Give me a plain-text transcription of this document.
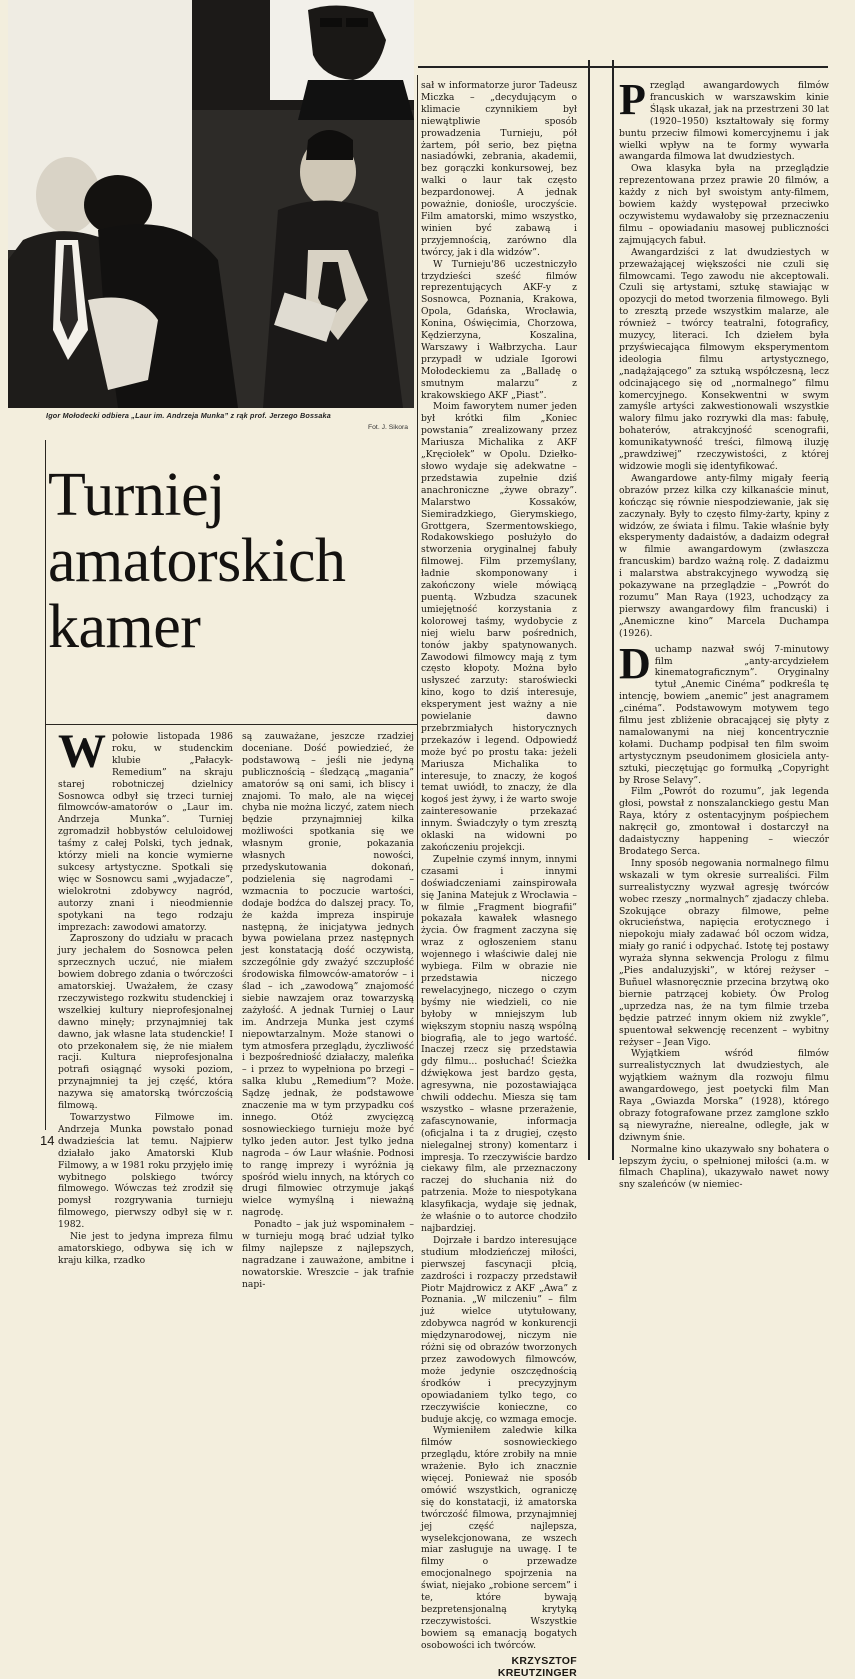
Igor Mołodecki odbiera „Laur im. Andrzeja Munka” z rąk prof. Jerzego Bossaka
Fot. J. Sikora
Turniej
amatorskich
kamer

Wpołowie listopada 1986 roku, w studenckim klubie „Pałacyk-Remedium” na skraju starej robotniczej dzielnicy Sosnowca odbył się trzeci turniej filmowców-amatorów o „Laur im. Andrzeja Munka”. Turniej zgromadził hobbystów celuloidowej taśmy z całej Polski, tych jednak, którzy mieli na koncie wymierne sukcesy artystyczne. Spotkali się więc w Sosnowcu sami „wyjadacze”, wielokrotni zdobywcy nagród, autorzy znani i nieodmiennie spotykani na tego rodzaju imprezach: zawodowi amatorzy.

Zaproszony do udziału w pracach jury jechałem do Sosnowca pełen sprzecznych uczuć, nie miałem bowiem dobrego zdania o twórczości amatorskiej. Uważałem, że czasy rzeczywistego rozkwitu studenckiej i wszelkiej kultury nieprofesjonalnej dawno minęły; przynajmniej tak dawno, jak własne lata studenckie! I oto przekonałem się, że nie miałem racji. Kultura nieprofesjonalna potrafi osiągnąć wysoki poziom, przynajmniej ta jej część, która nazywa się amatorską twórczością filmową.

Towarzystwo Filmowe im. Andrzeja Munka powstało ponad dwadzieścia lat temu. Najpierw działało jako Amatorski Klub Filmowy, a w 1981 roku przyjęło imię wybitnego polskiego twórcy filmowego. Wówczas też zrodził się pomysł rozgrywania turnieju filmowego, pierwszy odbył się w r. 1982.

Nie jest to jedyna impreza filmu amatorskiego, odbywa się ich w kraju kilka, rzadko

są zauważane, jeszcze rzadziej doceniane. Dość powiedzieć, że podstawową – jeśli nie jedyną publicznością – śledzącą „magania” amatorów są oni sami, ich bliscy i znajomi. To mało, ale na więcej chyba nie można liczyć, zatem niech będzie przynajmniej kilka możliwości spotkania się we własnym gronie, pokazania własnych nowości, przedyskutowania dokonań, podzielenia się nagrodami – wzmacnia to poczucie wartości, dodaje bodźca do dalszej pracy. To, że każda impreza inspiruje następną, że inicjatywa jednych bywa powielana przez następnych jest konstatacją dość oczywistą, szczególnie gdy zważyć szczupłość środowiska filmowców-amatorów – i ślad – ich „zawodową” znajomość siebie nawzajem oraz towarzyską zażyłość. A jednak Turniej o Laur im. Andrzeja Munka jest czymś niepowtarzalnym. Może stanowi o tym atmosfera przeglądu, życzliwość i bezpośredniość działaczy, maleńka – i przez to wypełniona po brzegi – salka klubu „Remedium”? Może. Sądzę jednak, że podstawowe znaczenie ma w tym przypadku coś innego. Otóż zwycięzcą sosnowieckiego turnieju może być tylko jeden autor. Jest tylko jedna nagroda – ów Laur właśnie. Podnosi to rangę imprezy i wyróżnia ją spośród wielu innych, na których co drugi filmowiec otrzymuje jakąś wielce wymyślną i nieważną nagrodę.

Ponadto – jak już wspominałem – w turnieju mogą brać udział tylko filmy najlepsze z najlepszych, nagradzane i zauważone, ambitne i nowatorskie. Wreszcie – jak trafnie napi-

sał w informatorze juror Tadeusz Miczka – „decydującym o klimacie czynnikiem był niewątpliwie sposób prowadzenia Turnieju, pół żartem, pół serio, bez piętna nasiadówki, zebrania, akademii, bez gorączki konkursowej, bez walki o laur tak często bezpardonowej. A jednak poważnie, doniośle, uroczyście. Film amatorski, mimo wszystko, winien być zabawą i przyjemnością, zarówno dla twórcy, jak i dla widzów”.

W Turnieju'86 uczestniczyło trzydzieści sześć filmów reprezentujących AKF-y z Sosnowca, Poznania, Krakowa, Opola, Gdańska, Wrocławia, Konina, Oświęcimia, Chorzowa, Kędzierzyna, Koszalina, Warszawy i Wałbrzycha. Laur przypadł w udziale Igorowi Mołodeckiemu za „Balladę o smutnym malarzu” z krakowskiego AKF „Piast”.

Moim faworytem numer jeden był krótki film „Koniec powstania” zrealizowany przez Mariusza Michalika z AKF „Kręciołek” w Opolu. Dziełko-słowo wydaje się adekwatne – przedstawia zupełnie dziś anachroniczne „żywe obrazy”. Malarstwo Kossaków, Siemiradzkiego, Gierymskiego, Grottgera, Szermentowskiego, Rodakowskiego posłużyło do stworzenia oryginalnej fabuły filmowej. Film przemyślany, ładnie skomponowany i zakończony wiele mówiącą puentą. Wzbudza szacunek umiejętność korzystania z kolorowej taśmy, wydobycie z niej wielu barw pośrednich, tonów jakby spatynowanych. Zawodowi filmowcy mają z tym często kłopoty. Można było usłyszeć zarzuty: staroświecki kino, kogo to dziś interesuje, eksperyment jest ważny a nie powielanie dawno przebrzmiałych historycznych przekazów i legend. Odpowiedź może być po prostu taka: jeżeli Mariusza Michalika to interesuje, to znaczy, że kogoś temat uwiódł, to znaczy, że dla kogoś jest żywy, i że warto swoje zainteresowanie przekazać innym. Świadczyły o tym zresztą oklaski na widowni po zakończeniu projekcji.

Zupełnie czymś innym, innymi czasami i innymi doświadczeniami zainspirowała się Janina Matejuk z Wrocławia – w filmie „Fragment biografii” pokazała kawałek własnego życia. Ów fragment zaczyna się wraz z ogłoszeniem stanu wojennego i właściwie dalej nie wybiega. Film w obrazie nie przedstawia niczego rewelacyjnego, niczego o czym byśmy nie wiedzieli, co nie byłoby w mniejszym lub większym stopniu naszą wspólną biografią, ale to jego wartość. Inaczej rzecz się przedstawia gdy filmu... posłuchać! Ścieżka dźwiękowa jest bardzo gęsta, agresywna, nie pozostawiająca chwili oddechu. Miesza się tam wszystko – własne przerażenie, zafascynowanie, informacja (oficjalna i ta z drugiej, często nielegalnej strony) komentarz i impresja. To rzeczywiście bardzo ciekawy film, ale przeznaczony raczej do słuchania niż do patrzenia. Może to niespotykana klasyfikacja, wydaje się jednak, że właśnie o to autorce chodziło najbardziej.

Dojrzałe i bardzo interesujące studium młodzieńczej miłości, pierwszej fascynacji płcią, zazdrości i rozpaczy przedstawił Piotr Majdrowicz z AKF „Awa” z Poznania. „W milczeniu” – film już wielce utytułowany, zdobywca nagród w konkurencji międzynarodowej, niczym nie różni się od obrazów tworzonych przez zawodowych filmowców, może jedynie oszczędnością środków i precyzyjnym opowiadaniem tylko tego, co rzeczywiście konieczne, co buduje akcję, co wzmaga emocje.

Wymieniłem zaledwie kilka filmów sosnowieckiego przeglądu, które zrobiły na mnie wrażenie. Było ich znacznie więcej. Ponieważ nie sposób omówić wszystkich, ograniczę się do konstatacji, iż amatorska twórczość filmowa, przynajmniej jej część najlepsza, wyselekcjonowana, ze wszech miar zasługuje na uwagę. I te filmy o przewadze emocjonalnego spojrzenia na świat, niejako „robione sercem” i te, które bywają bezpretensjonalną krytyką rzeczywistości. Wszystkie bowiem są emanacją bogatych osobowości ich twórców.

KRZYSZTOF
KREUTZINGER

Przegląd awangardowych filmów francuskich w warszawskim kinie Śląsk ukazał, jak na przestrzeni 30 lat (1920–1950) kształtowały się formy buntu przeciw filmowi komercyjnemu i jak wielki wpływ na te formy wywarła awangarda filmowa lat dwudziestych.

Owa klasyka była na przeglądzie reprezentowana przez prawie 20 filmów, a każdy z nich był swoistym anty-filmem, bowiem każdy występował przeciwko oczywistemu wydawałoby się przeznaczeniu filmu – opowiadaniu masowej publiczności zajmujących fabuł.

Awangardziści z lat dwudziestych w przeważającej większości nie czuli się filmowcami. Tego zawodu nie akceptowali. Czuli się artystami, sztukę stawiając w opozycji do metod tworzenia filmowego. Byli to zresztą przede wszystkim malarze, ale również – twórcy teatralni, fotografiсy, muzycy, literaci. Ich dziełem była przyświecająca filmowym eksperymentom ideologia filmu artystycznego, „nadążającego” za sztuką współczesną, lecz odcinającego się od „normalnego” filmu komercyjnego. Konsekwentni w swym zamyśle artyści zakwestionowali wszystkie walory filmu jako rozrywki dla mas: fabułę, bohaterów, atrakcyjność scenografii, komunikatywność treści, filmową iluzję „prawdziwej” rzeczywistości, z której widzowie mogli się identyfikować.

Awangardowe anty-filmy migały feerią obrazów przez kilka czy kilkanaście minut, kończąc się równie niespodziewanie, jak się zaczynały. Były to często filmy-żarty, kpiny z widzów, ze świata i filmu. Takie właśnie były eksperymenty dadaistów, a dadaizm odegrał w filmie awangardowym (zwłaszcza francuskim) bardzo ważną rolę. Z dadaizmu i malarstwa abstrakcyjnego wywodzą się pokazywane na przeglądzie – „Powrót do rozumu” Man Raya (1923, uchodzący za pierwszy awangardowy film francuski) i „Anemiczne kino” Marcela Duchampa (1926).

Duchamp nazwał swój 7-minutowy film „anty-arcydziełem kinematograficznym”. Oryginalny tytuł „Anemic Cinéma” podkreśla tę intencję, bowiem „anemic” jest anagramem „cinéma”. Podstawowym motywem tego filmu jest zbliżenie obracającej się płyty z namalowanymi na niej koncentrycznie kołami. Duchamp podpisał ten film swoim artystycznym pseudonimem głosiciela anty-sztuki, pieczętując go formułką „Copyright by Rrose Selavy”.

Film „Powrót do rozumu”, jak legenda głosi, powstał z nonszalanckiego gestu Man Raya, który z ostentacyjnym pośpiechem nakręcił go, zmontował i dostarczył na dadaistyczny happening – wieczór Brodatego Serca.

Inny sposób negowania normalnego filmu wskazali w tym okresie surrealiści. Film surrealistyczny wyzwał agresję twórców wobec rzeszy „normalnych” zjadaczy chleba. Szokujące obrazy filmowe, pełne okrucieństwa, napięcia erotycznego i niepokoju miały zadawać ból oczom widza, miały go ranić i odpychać. Istotę tej postawy wyraża słynna sekwencja Prologu z filmu „Pies andaluzyjski”, w której reżyser – Buñuel własnoręcznie przecina brzytwą oko biernie patrzącej kobiety. Ów Prolog „uprzedza nas, że na tym filmie trzeba będzie patrzeć innym okiem niż zwykle”, spuentował sekwencję recenzent – wybitny reżyser – Jean Vigo.

Wyjątkiem wśród filmów surrealistycznych lat dwudziestych, ale wyjątkiem ważnym dla rozwoju filmu awangardowego, jest poetycki film Man Raya „Gwiazda Morska” (1928), którego obrazy fotografowane przez zamglone szkło są niewyraźne, nierealne, odległe, jak w dziwnym śnie.

Normalne kino ukazywało sny bohatera o lepszym życiu, o spełnionej miłości (a.m. w filmach Chaplina), ukazywało nawet nowy sny szaleńców (w niemiec-

14
